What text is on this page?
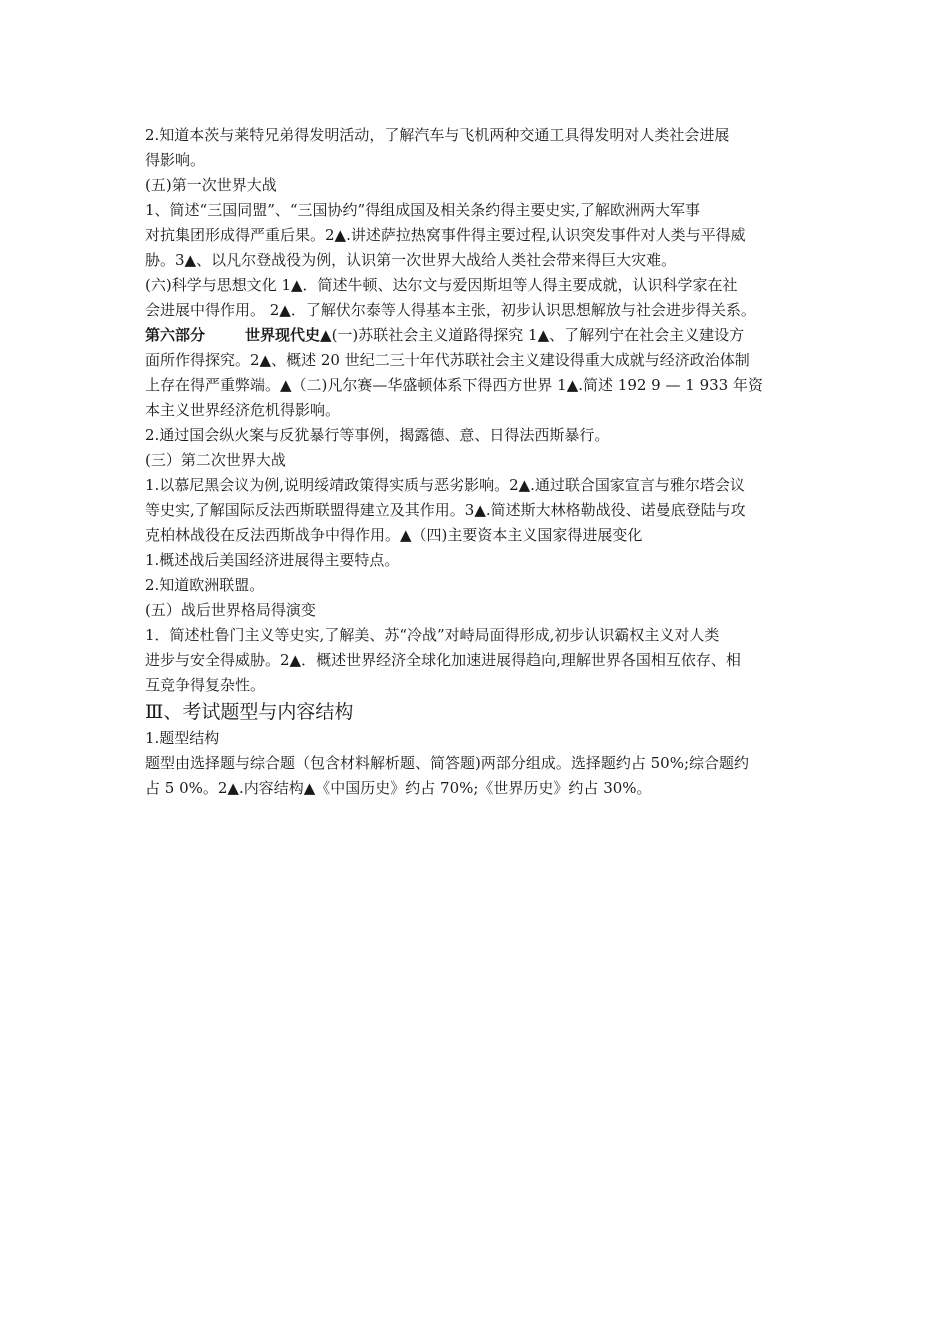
2.知道本茨与莱特兄弟得发明活动，了解汽车与飞机两种交通工具得发明对人类社会进展
得影响。
(五)第一次世界大战
1、简述“三国同盟”、“三国协约”得组成国及相关条约得主要史实,了解欧洲两大军事
对抗集团形成得严重后果。2▲.讲述萨拉热窝事件得主要过程,认识突发事件对人类与平得威
胁。3▲、以凡尔登战役为例，认识第一次世界大战给人类社会带来得巨大灾难。
(六)科学与思想文化 1▲．简述牛顿、达尔文与爱因斯坦等人得主要成就，认识科学家在社
会进展中得作用。 2▲．了解伏尔泰等人得基本主张，初步认识思想解放与社会进步得关系。
第六部分	世界现代史▲(一)苏联社会主义道路得探究 1▲、了解列宁在社会主义建设方
面所作得探究。2▲、概述 20 世纪二三十年代苏联社会主义建设得重大成就与经济政治体制
上存在得严重弊端。▲（二)凡尔赛—华盛顿体系下得西方世界 1▲.简述 192 9 — 1 933 年资
本主义世界经济危机得影响。
2.通过国会纵火案与反犹暴行等事例，揭露德、意、日得法西斯暴行。
(三）第二次世界大战
1.以慕尼黑会议为例,说明绥靖政策得实质与恶劣影响。2▲.通过联合国家宣言与雅尔塔会议
等史实,了解国际反法西斯联盟得建立及其作用。3▲.简述斯大林格勒战役、诺曼底登陆与攻
克柏林战役在反法西斯战争中得作用。▲（四)主要资本主义国家得进展变化
1.概述战后美国经济进展得主要特点。
2.知道欧洲联盟。
(五）战后世界格局得演变
1．简述杜鲁门主义等史实,了解美、苏“冷战”对峙局面得形成,初步认识霸权主义对人类
进步与安全得威胁。2▲．概述世界经济全球化加速进展得趋向,理解世界各国相互依存、相
互竞争得复杂性。
Ⅲ、考试题型与内容结构
1.题型结构
题型由选择题与综合题（包含材料解析题、简答题)两部分组成。选择题约占 50%;综合题约
占 5 0%。2▲.内容结构▲《中国历史》约占 70%;《世界历史》约占 30%。
